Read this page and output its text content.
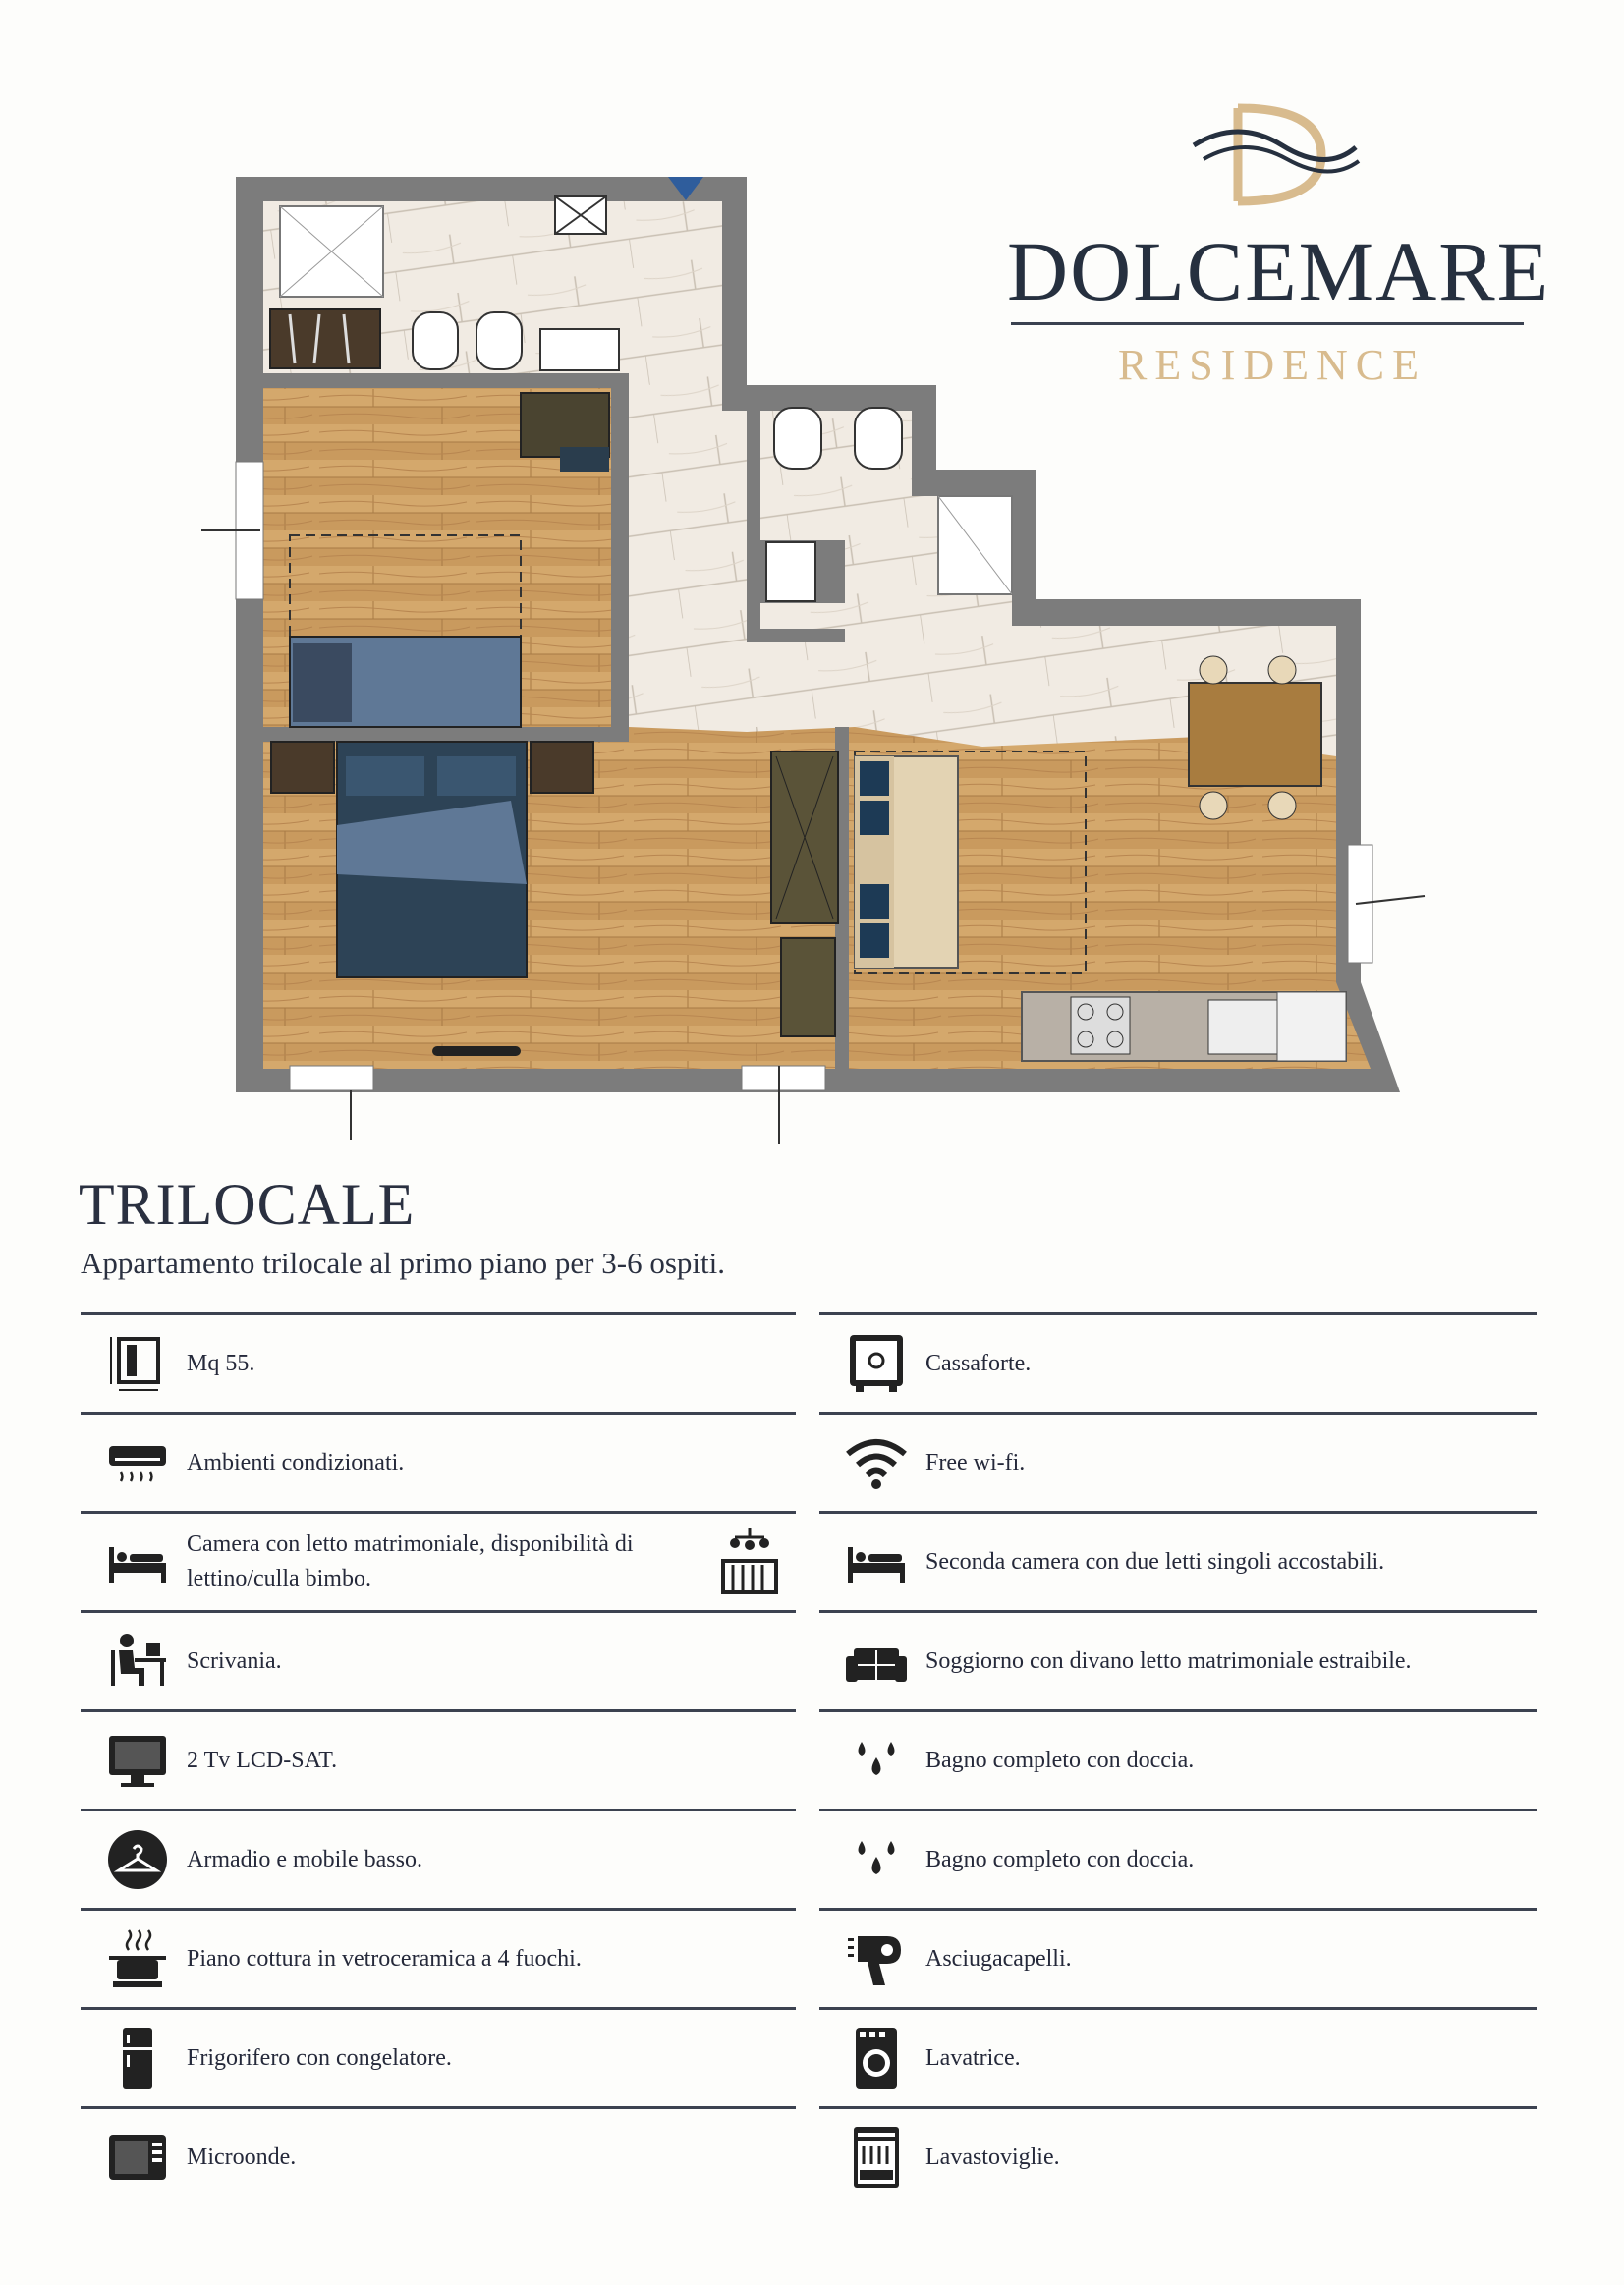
DOLCEMARE
RESIDENCE
TRILOCALE
Appartamento trilocale al primo piano per 3-6 ospiti.
Mq 55.
Ambienti condizionati.
Camera con letto matrimoniale, disponibilità di lettino/culla bimbo.
Scrivania.
2 Tv LCD-SAT.
Armadio e mobile basso.
Piano cottura in vetroceramica a 4 fuochi.
Frigorifero con congelatore.
Microonde.
Cassaforte.
Free wi-fi.
Seconda camera con due letti singoli accostabili.
Soggiorno con divano letto matrimoniale estraibile.
Bagno completo con doccia.
Bagno completo con doccia.
Asciugacapelli.
Lavatrice.
Lavastoviglie.
